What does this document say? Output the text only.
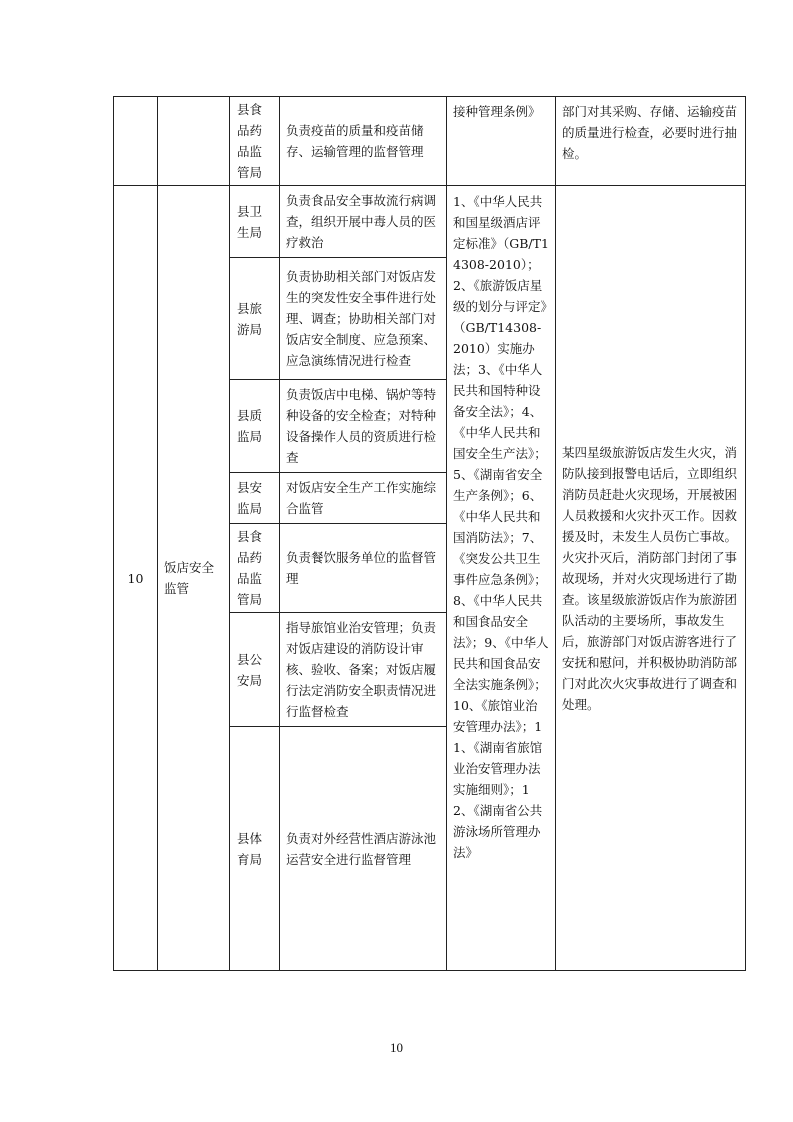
		县食品药品监管局	负责疫苗的质量和疫苗储存、运输管理的监督管理	接种管理条例》	部门对其采购、存储、运输疫苗的质量进行检查，必要时进行抽检。
10	饭店安全监管	县卫生局	负责食品安全事故流行病调查，组织开展中毒人员的医疗救治	1、《中华人民共和国星级酒店评定标准》（GB/T14308-2010）；2、《旅游饭店星级的划分与评定》（GB/T14308-2010）实施办法；3、《中华人民共和国特种设备安全法》；4、《中华人民共和国安全生产法》；5、《湖南省安全生产条例》；6、《中华人民共和国消防法》；7、《突发公共卫生事件应急条例》；8、《中华人民共和国食品安全法》；9、《中华人民共和国食品安全法实施条例》；10、《旅馆业治安管理办法》；11、《湖南省旅馆业治安管理办法实施细则》；12、《湖南省公共游泳场所管理办法》	某四星级旅游饭店发生火灾，消防队接到报警电话后，立即组织消防员赶赴火灾现场，开展被困人员救援和火灾扑灭工作。因救援及时，未发生人员伤亡事故。火灾扑灭后，消防部门封闭了事故现场，并对火灾现场进行了勘查。该星级旅游饭店作为旅游团队活动的主要场所，事故发生后，旅游部门对饭店游客进行了安抚和慰问，并积极协助消防部门对此次火灾事故进行了调查和处理。
		县旅游局	负责协助相关部门对饭店发生的突发性安全事件进行处理、调查；协助相关部门对饭店安全制度、应急预案、应急演练情况进行检查		
		县质监局	负责饭店中电梯、锅炉等特种设备的安全检查；对特种设备操作人员的资质进行检查		
		县安监局	对饭店安全生产工作实施综合监管		
		县食品药品监管局	负责餐饮服务单位的监督管理		
		县公安局	指导旅馆业治安管理；负责对饭店建设的消防设计审核、验收、备案；对饭店履行法定消防安全职责情况进行监督检查		
		县体育局	负责对外经营性酒店游泳池运营安全进行监督管理		
10
